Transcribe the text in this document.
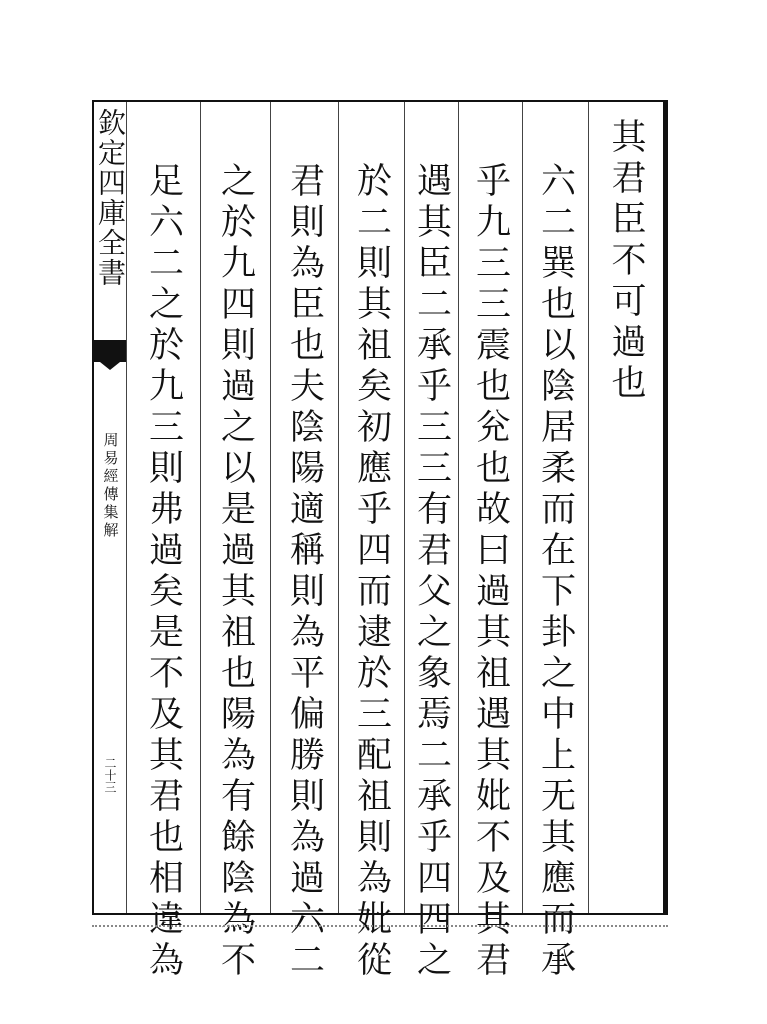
欽定四庫全書
周易經傳集解
二十三
其君臣不可過也
六二巽也以陰居柔而在下卦之中上无其應而承
乎九三三震也兊也故曰過其祖遇其妣不及其君
遇其臣二承乎三三有君父之象焉二承乎四四之
於二則其祖矣初應乎四而逮於三配祖則為妣從
君則為臣也夫陰陽適稱則為平偏勝則為過六二
之於九四則過之以是過其祖也陽為有餘陰為不
足六二之於九三則弗過矣是不及其君也相違為
